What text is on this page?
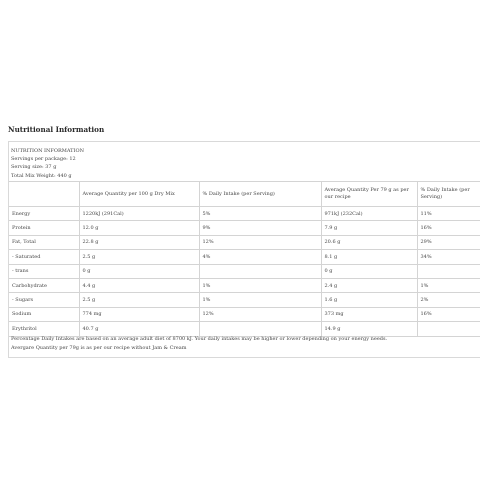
Nutritional Information
NUTRITION INFORMATION
Servings per package: 12
Serving size: 37 g
Total Mix Weight: 440 g
	Average Quantity per 100 g Dry Mix	% Daily Intake (per Serving)	Average Quantity Per 79 g as per our recipe	% Daily Intake (per Serving)
Energy	1220kJ (291Cal)	5%	971kJ (232Cal)	11%
Protein	12.0 g	9%	7.9 g	16%
Fat, Total	22.8 g	12%	20.6 g	29%
- Saturated	2.5 g	4%	8.1 g	34%
- trans	0 g		0 g	
Carbohydrate	4.4 g	1%	2.4 g	1%
- Sugars	2.5 g	1%	1.6 g	2%
Sodium	774 mg	12%	373 mg	16%
Erythritol	40.7 g		14.9 g	
Percentage Daily Intakes are based on an average adult diet of 8700 kJ. Your daily intakes may be higher or lower depending on your energy needs.
Avergare Quantity per 79g is as per our recipe without Jam & Cream
